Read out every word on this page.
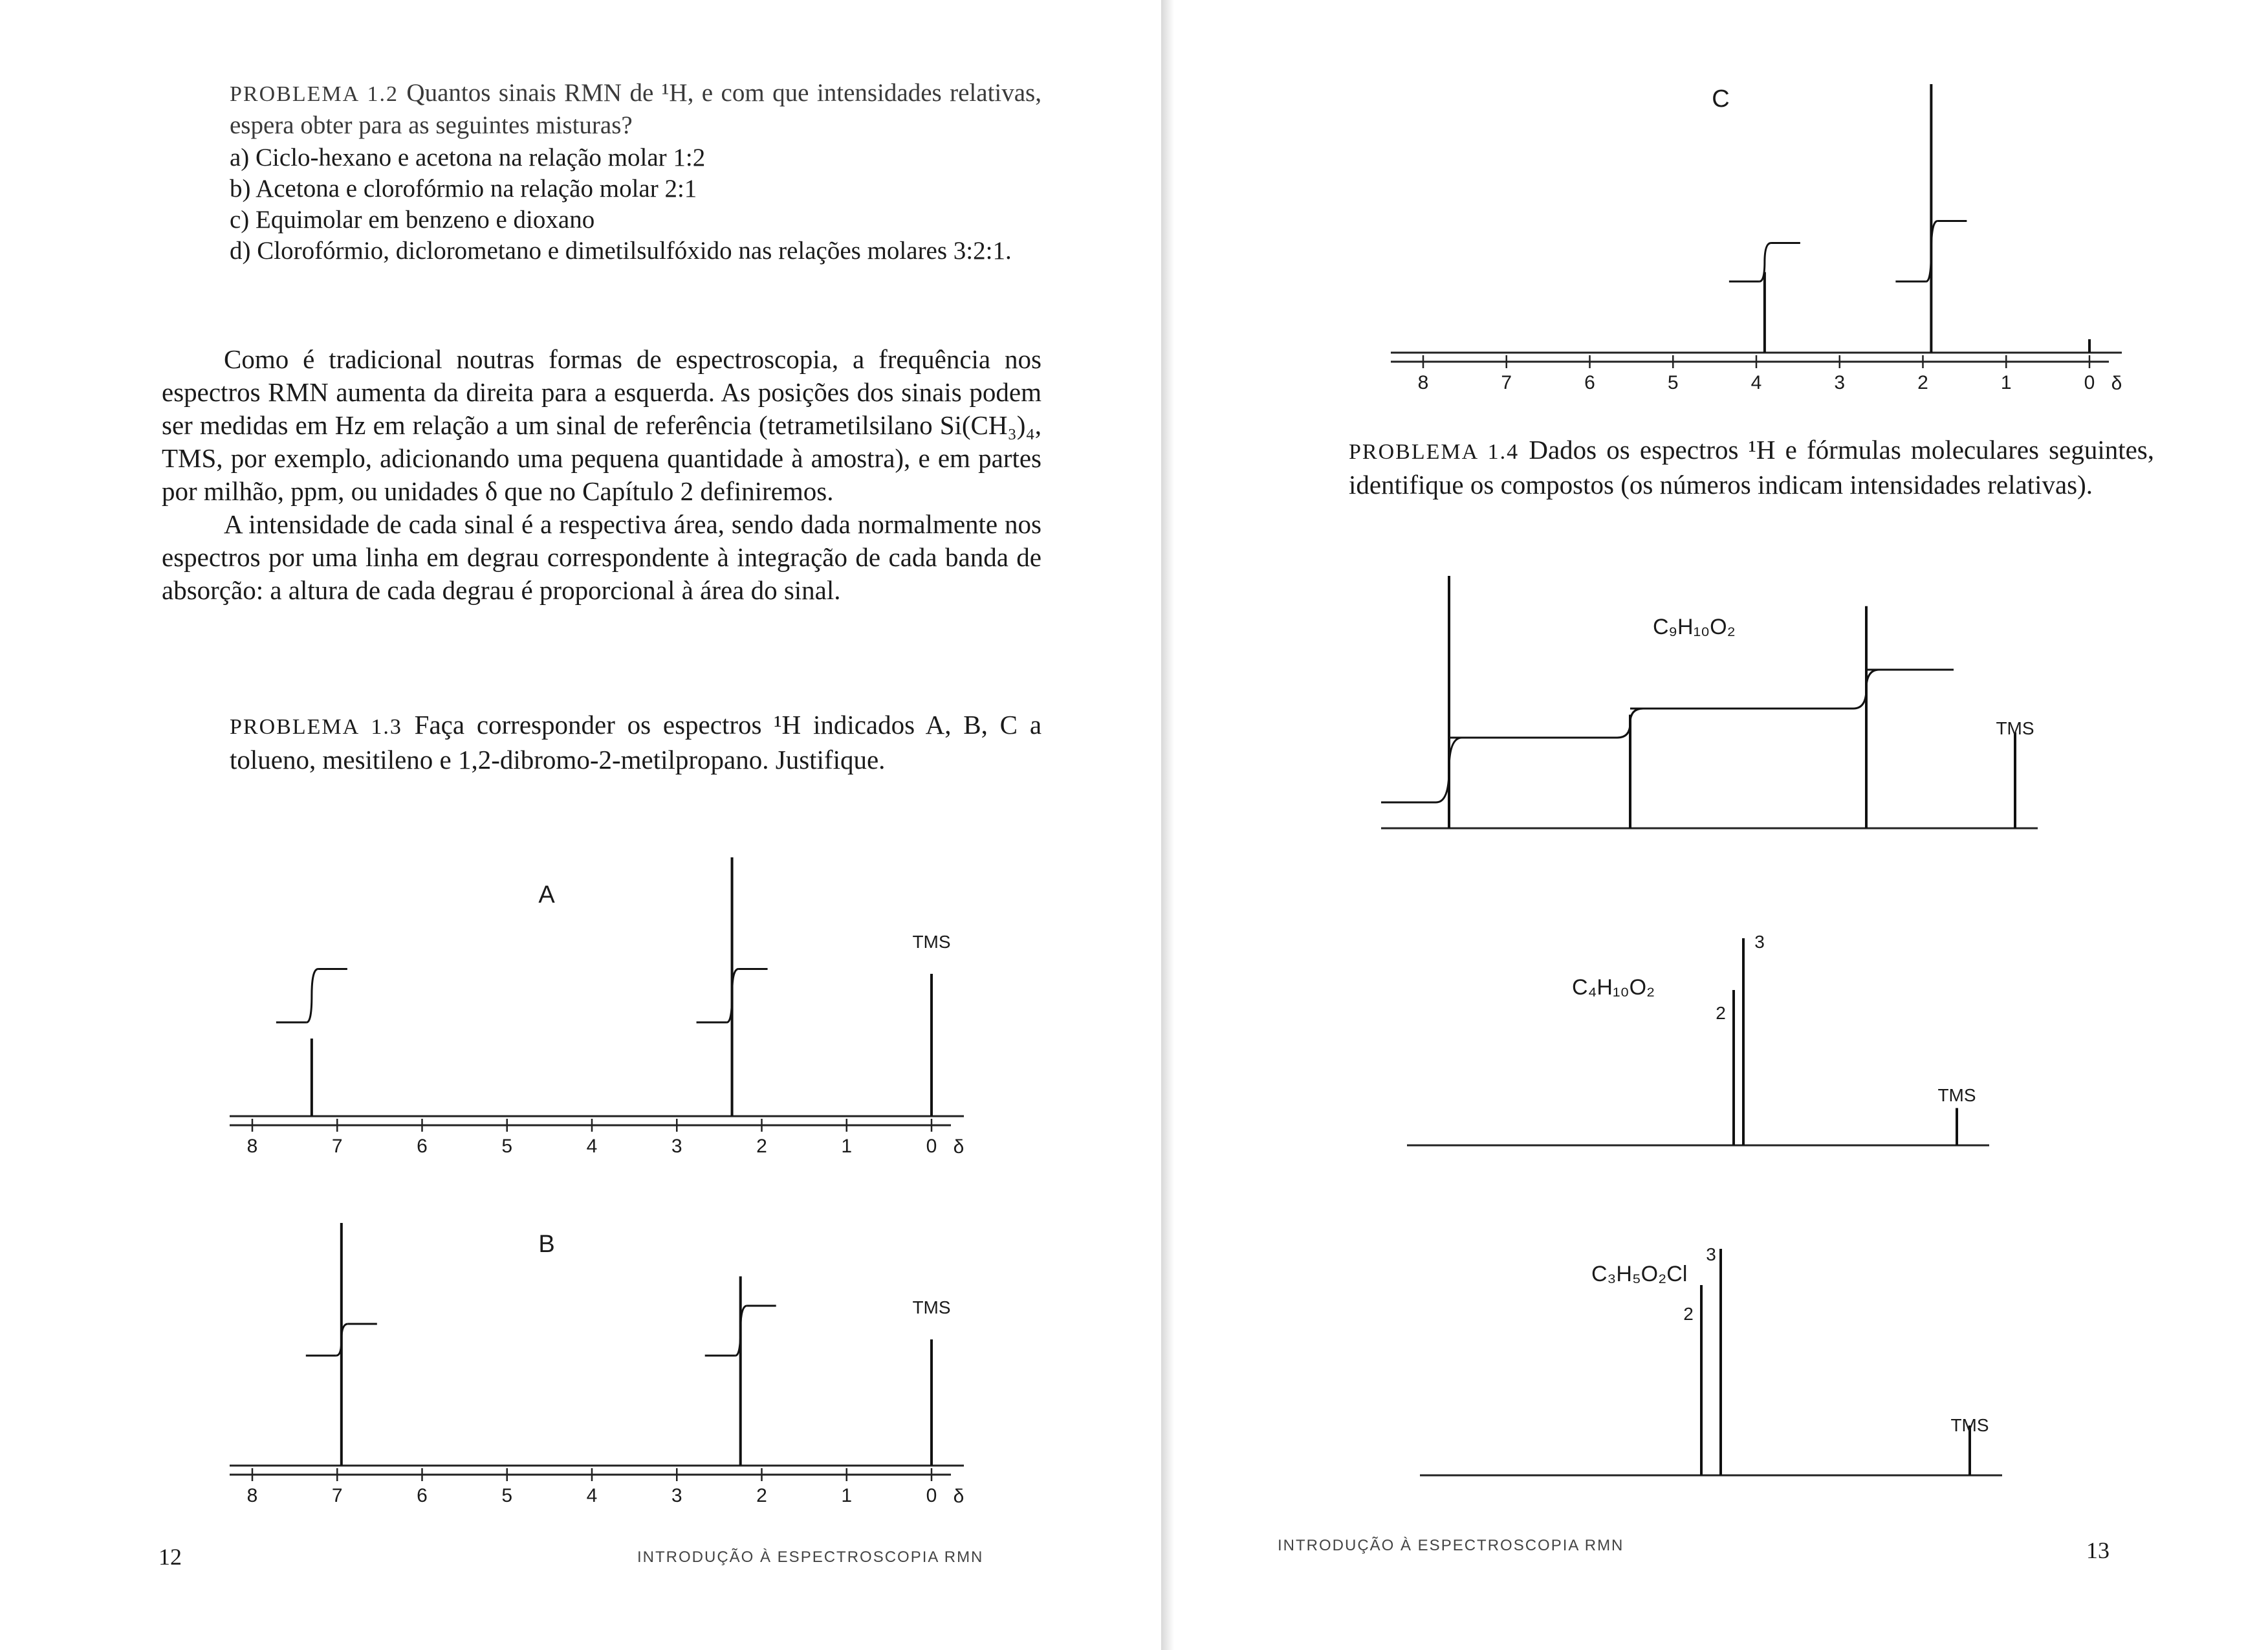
PROBLEMA 1.2 Quantos sinais RMN de ¹H, e com que intensidades relativas, espera obter para as seguintes misturas?

a) Ciclo-hexano e acetona na relação molar 1:2
b) Acetona e clorofórmio na relação molar 2:1
c) Equimolar em benzeno e dioxano
d) Clorofórmio, diclorometano e dimetilsulfóxido nas relações molares 3:2:1.

Como é tradicional noutras formas de espectroscopia, a frequência nos espectros RMN aumenta da direita para a esquerda. As posições dos sinais podem ser medidas em Hz em relação a um sinal de referência (tetrametilsilano Si(CH₃)₄, TMS, por exemplo, adicionando uma pequena quantidade à amostra), e em partes por milhão, ppm, ou unidades δ que no Capítulo 2 definiremos.

A intensidade de cada sinal é a respectiva área, sendo dada normalmente nos espectros por uma linha em degrau correspondente à integração de cada banda de absorção: a altura de cada degrau é proporcional à área do sinal.

PROBLEMA 1.3 Faça corresponder os espectros ¹H indicados A, B, C a tolueno, mesitileno e 1,2-dibromo-2-metilpropano. Justifique.

12	INTRODUÇÃO À ESPECTROSCOPIA RMN

PROBLEMA 1.4 Dados os espectros ¹H e fórmulas moleculares seguintes, identifique os compostos (os números indicam intensidades relativas).

13
INTRODUÇÃO À ESPECTROSCOPIA RMN
8	7	6	5	4	3	2	1	0 δ
A
TMS
8	7	6	5	4	3	2	1	0 δ
B
TMS
8	7	6	5	4	3	2	1	0 δ
C
C₉H₁₀O₂
TMS
C₄H₁₀O₂
2
3
TMS
C₃H₅O₂Cl
2
3
TMS
